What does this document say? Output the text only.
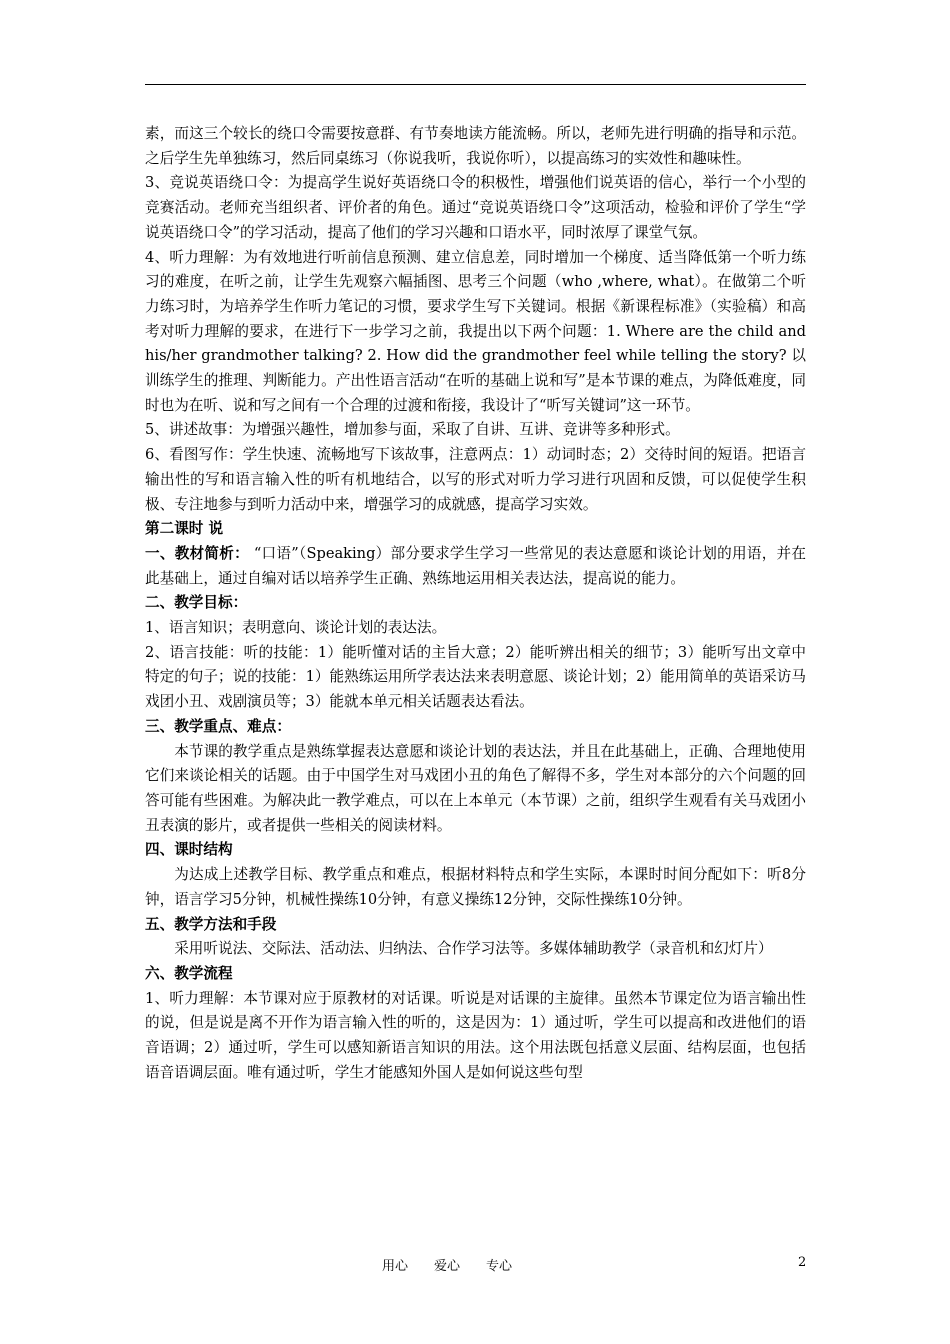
素，而这三个较长的绕口令需要按意群、有节奏地读方能流畅。所以，老师先进行明确的指导和示范。之后学生先单独练习，然后同桌练习（你说我听，我说你听），以提高练习的实效性和趣味性。

3、竞说英语绕口令：为提高学生说好英语绕口令的积极性，增强他们说英语的信心，举行一个小型的竞赛活动。老师充当组织者、评价者的角色。通过“竞说英语绕口令”这项活动，检验和评价了学生“学说英语绕口令”的学习活动，提高了他们的学习兴趣和口语水平，同时浓厚了课堂气氛。

4、听力理解：为有效地进行听前信息预测、建立信息差，同时增加一个梯度、适当降低第一个听力练习的难度，在听之前，让学生先观察六幅插图、思考三个问题（who ,where, what）。在做第二个听力练习时，为培养学生作听力笔记的习惯，要求学生写下关键词。根据《新课程标准》（实验稿）和高考对听力理解的要求，在进行下一步学习之前，我提出以下两个问题：1. Where are the child and his/her grandmother talking? 2. How did the grandmother feel while telling the story? 以训练学生的推理、判断能力。产出性语言活动“在听的基础上说和写”是本节课的难点，为降低难度，同时也为在听、说和写之间有一个合理的过渡和衔接，我设计了“听写关键词”这一环节。

5、讲述故事：为增强兴趣性，增加参与面，采取了自讲、互讲、竞讲等多种形式。

6、看图写作：学生快速、流畅地写下该故事，注意两点：1）动词时态；2）交待时间的短语。把语言输出性的写和语言输入性的听有机地结合，以写的形式对听力学习进行巩固和反馈，可以促使学生积极、专注地参与到听力活动中来，增强学习的成就感，提高学习实效。

第二课时 说

一、教材简析： “口语”（Speaking）部分要求学生学习一些常见的表达意愿和谈论计划的用语，并在此基础上，通过自编对话以培养学生正确、熟练地运用相关表达法，提高说的能力。

二、教学目标：

1、语言知识；表明意向、谈论计划的表达法。

2、语言技能：听的技能：1）能听懂对话的主旨大意；2）能听辨出相关的细节；3）能听写出文章中特定的句子；说的技能：1）能熟练运用所学表达法来表明意愿、谈论计划；2）能用简单的英语采访马戏团小丑、戏剧演员等；3）能就本单元相关话题表达看法。

三、教学重点、难点：

本节课的教学重点是熟练掌握表达意愿和谈论计划的表达法，并且在此基础上，正确、合理地使用它们来谈论相关的话题。由于中国学生对马戏团小丑的角色了解得不多，学生对本部分的六个问题的回答可能有些困难。为解决此一教学难点，可以在上本单元（本节课）之前，组织学生观看有关马戏团小丑表演的影片，或者提供一些相关的阅读材料。

四、课时结构

为达成上述教学目标、教学重点和难点，根据材料特点和学生实际，本课时时间分配如下：听8分钟，语言学习5分钟，机械性操练10分钟，有意义操练12分钟，交际性操练10分钟。

五、教学方法和手段

采用听说法、交际法、活动法、归纳法、合作学习法等。多媒体辅助教学（录音机和幻灯片）

六、教学流程

1、听力理解：本节课对应于原教材的对话课。听说是对话课的主旋律。虽然本节课定位为语言输出性的说，但是说是离不开作为语言输入性的听的，这是因为：1）通过听，学生可以提高和改进他们的语音语调；2）通过听，学生可以感知新语言知识的用法。这个用法既包括意义层面、结构层面，也包括语音语调层面。唯有通过听，学生才能感知外国人是如何说这些句型

用心　　爱心　　专心	2
